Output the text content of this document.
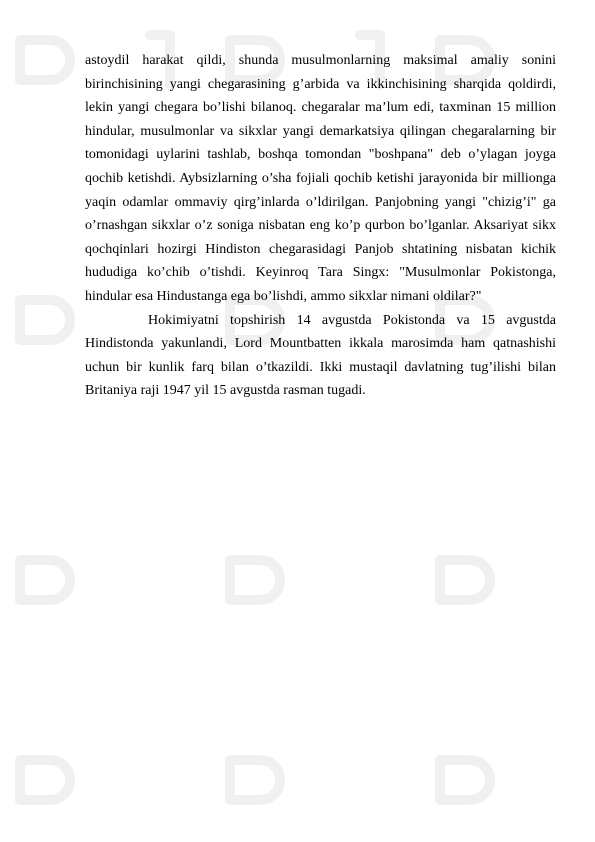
astoydil harakat qildi, shunda musulmonlarning maksimal amaliy sonini birinchisining yangi chegarasining g’arbida va ikkinchisining sharqida qoldirdi, lekin yangi chegara bo’lishi bilanoq. chegaralar ma’lum edi, taxminan 15 million hindular, musulmonlar va sikxlar yangi demarkatsiya qilingan chegaralarning bir tomonidagi uylarini tashlab, boshqa tomondan "boshpana" deb o’ylagan joyga qochib ketishdi. Aybsizlarning o’sha fojiali qochib ketishi jarayonida bir millionga yaqin odamlar ommaviy qirg’inlarda o’ldirilgan. Panjobning yangi "chizig’i" ga o’rnashgan sikxlar o’z soniga nisbatan eng ko’p qurbon bo’lganlar. Aksariyat sikx qochqinlari hozirgi Hindiston chegarasidagi Panjob shtatining nisbatan kichik hududiga ko’chib o’tishdi. Keyinroq Tara Singx: "Musulmonlar Pokistonga, hindular esa Hindustanga ega bo’lishdi, ammo sikxlar nimani oldilar?"

Hokimiyatni topshirish 14 avgustda Pokistonda va 15 avgustda Hindistonda yakunlandi, Lord Mountbatten ikkala marosimda ham qatnashishi uchun bir kunlik farq bilan o’tkazildi. Ikki mustaqil davlatning tug’ilishi bilan Britaniya raji 1947 yil 15 avgustda rasman tugadi.
